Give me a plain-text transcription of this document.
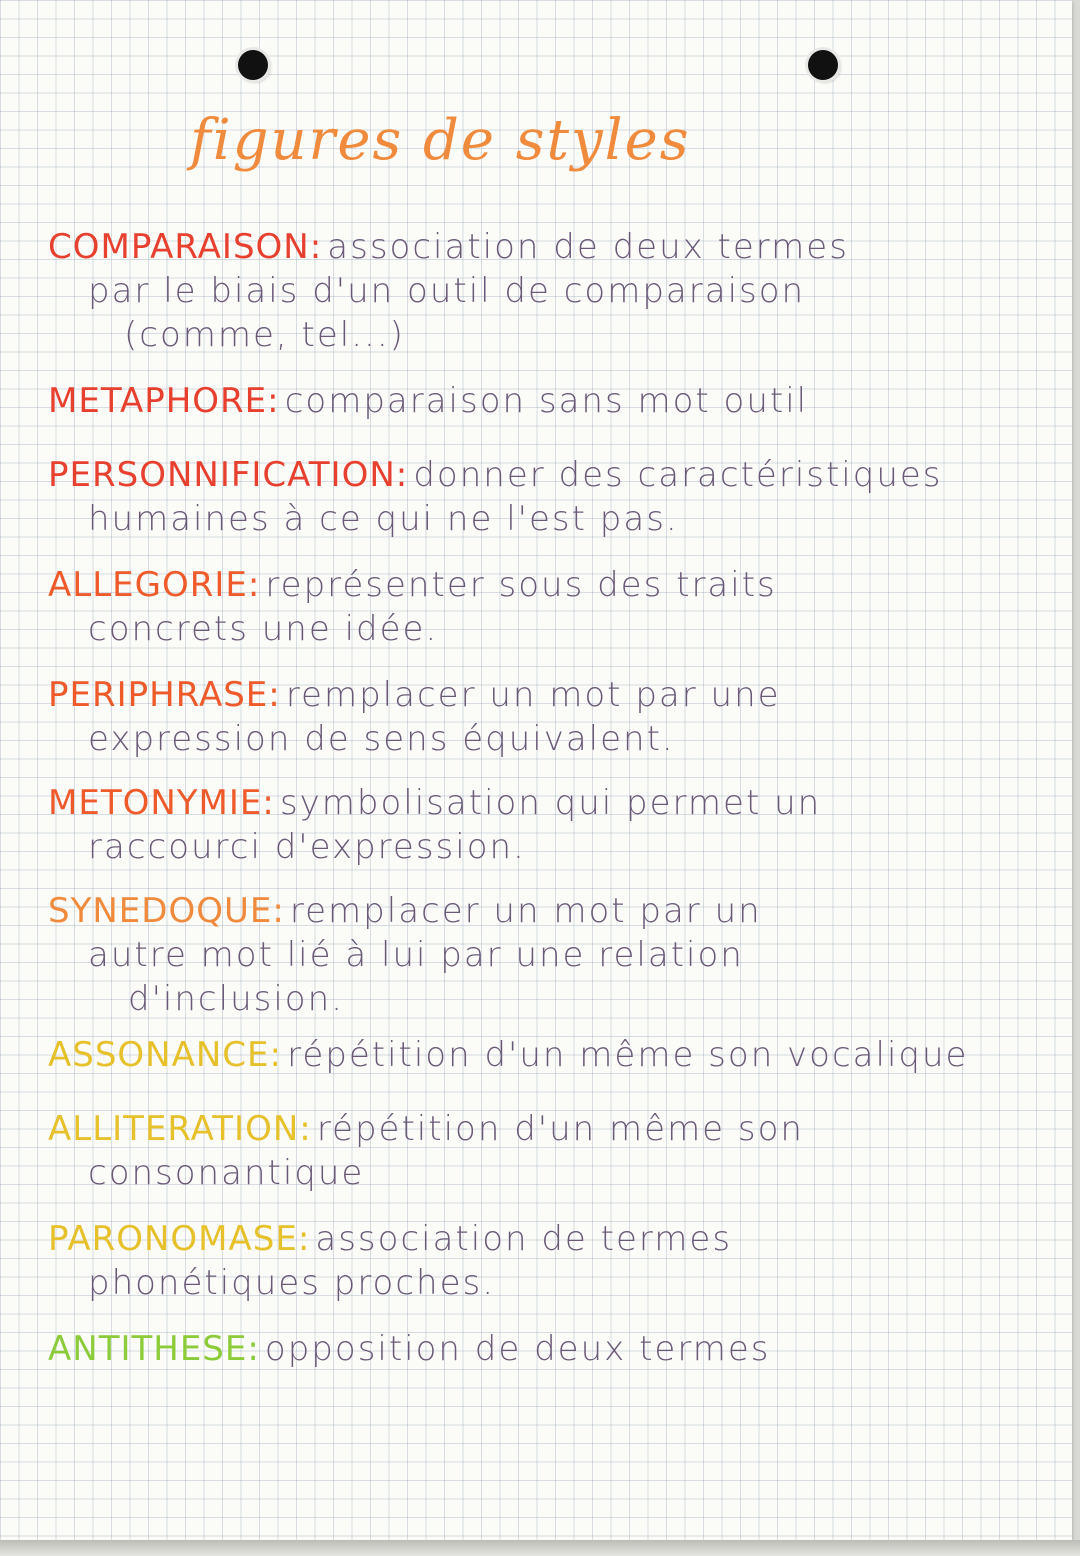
figures de styles
COMPARAISON: association de deux termes
par le biais d'un outil de comparaison
(comme, tel...)
METAPHORE: comparaison sans mot outil
PERSONNIFICATION: donner des caractéristiques
humaines à ce qui ne l'est pas.
ALLEGORIE: représenter sous des traits
concrets une idée.
PERIPHRASE: remplacer un mot par une
expression de sens équivalent.
METONYMIE: symbolisation qui permet un
raccourci d'expression.
SYNEDOQUE: remplacer un mot par un
autre mot lié à lui par une relation
d'inclusion.
ASSONANCE: répétition d'un même son vocalique
ALLITERATION: répétition d'un même son
consonantique
PARONOMASE: association de termes
phonétiques proches.
ANTITHESE: opposition de deux termes
